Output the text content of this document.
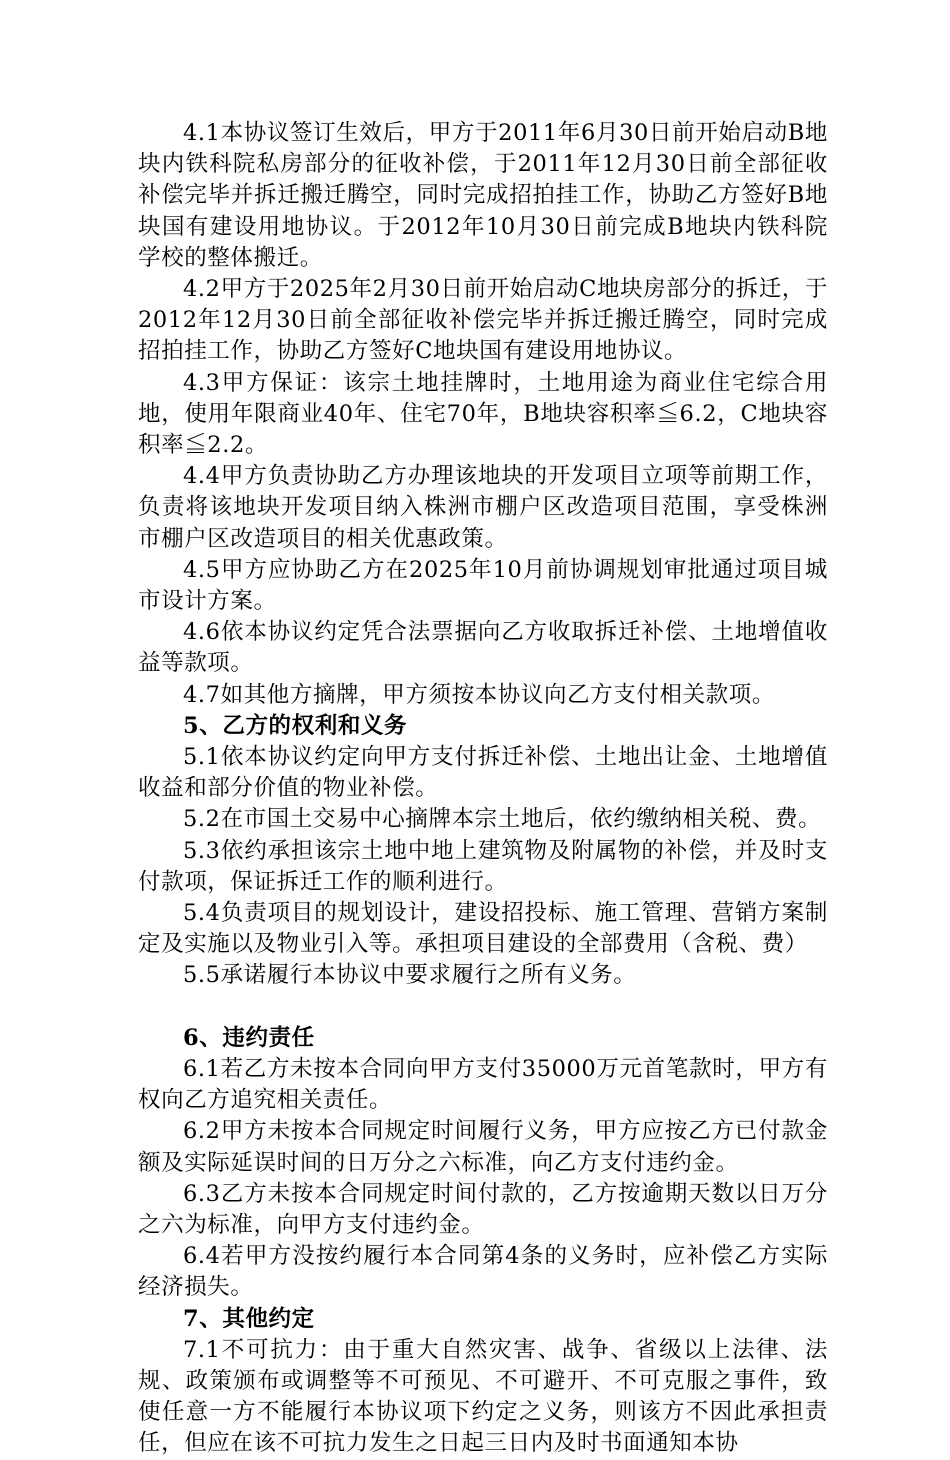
4.1本协议签订生效后，甲方于2011年6月30日前开始启动B地块内铁科院私房部分的征收补偿，于2011年12月30日前全部征收补偿完毕并拆迁搬迁腾空，同时完成招拍挂工作，协助乙方签好B地块国有建设用地协议。于2012年10月30日前完成B地块内铁科院学校的整体搬迁。

4.2甲方于2025年2月30日前开始启动C地块房部分的拆迁，于2012年12月30日前全部征收补偿完毕并拆迁搬迁腾空，同时完成招拍挂工作，协助乙方签好C地块国有建设用地协议。

4.3甲方保证：该宗土地挂牌时，土地用途为商业住宅综合用地，使用年限商业40年、住宅70年，B地块容积率≦6.2，C地块容积率≦2.2。

4.4甲方负责协助乙方办理该地块的开发项目立项等前期工作，负责将该地块开发项目纳入株洲市棚户区改造项目范围，享受株洲市棚户区改造项目的相关优惠政策。

4.5甲方应协助乙方在2025年10月前协调规划审批通过项目城市设计方案。

4.6依本协议约定凭合法票据向乙方收取拆迁补偿、土地增值收益等款项。

4.7如其他方摘牌，甲方须按本协议向乙方支付相关款项。

5、乙方的权利和义务

5.1依本协议约定向甲方支付拆迁补偿、土地出让金、土地增值收益和部分价值的物业补偿。

5.2在市国土交易中心摘牌本宗土地后，依约缴纳相关税、费。

5.3依约承担该宗土地中地上建筑物及附属物的补偿，并及时支付款项，保证拆迁工作的顺利进行。

5.4负责项目的规划设计，建设招投标、施工管理、营销方案制定及实施以及物业引入等。承担项目建设的全部费用（含税、费）

5.5承诺履行本协议中要求履行之所有义务。

6、违约责任

6.1若乙方未按本合同向甲方支付35000万元首笔款时，甲方有权向乙方追究相关责任。

6.2甲方未按本合同规定时间履行义务，甲方应按乙方已付款金额及实际延误时间的日万分之六标准，向乙方支付违约金。

6.3乙方未按本合同规定时间付款的，乙方按逾期天数以日万分之六为标准，向甲方支付违约金。

6.4若甲方没按约履行本合同第4条的义务时，应补偿乙方实际经济损失。

7、其他约定

7.1不可抗力：由于重大自然灾害、战争、省级以上法律、法规、政策颁布或调整等不可预见、不可避开、不可克服之事件，致使任意一方不能履行本协议项下约定之义务，则该方不因此承担责任，但应在该不可抗力发生之日起三日内及时书面通知本协
